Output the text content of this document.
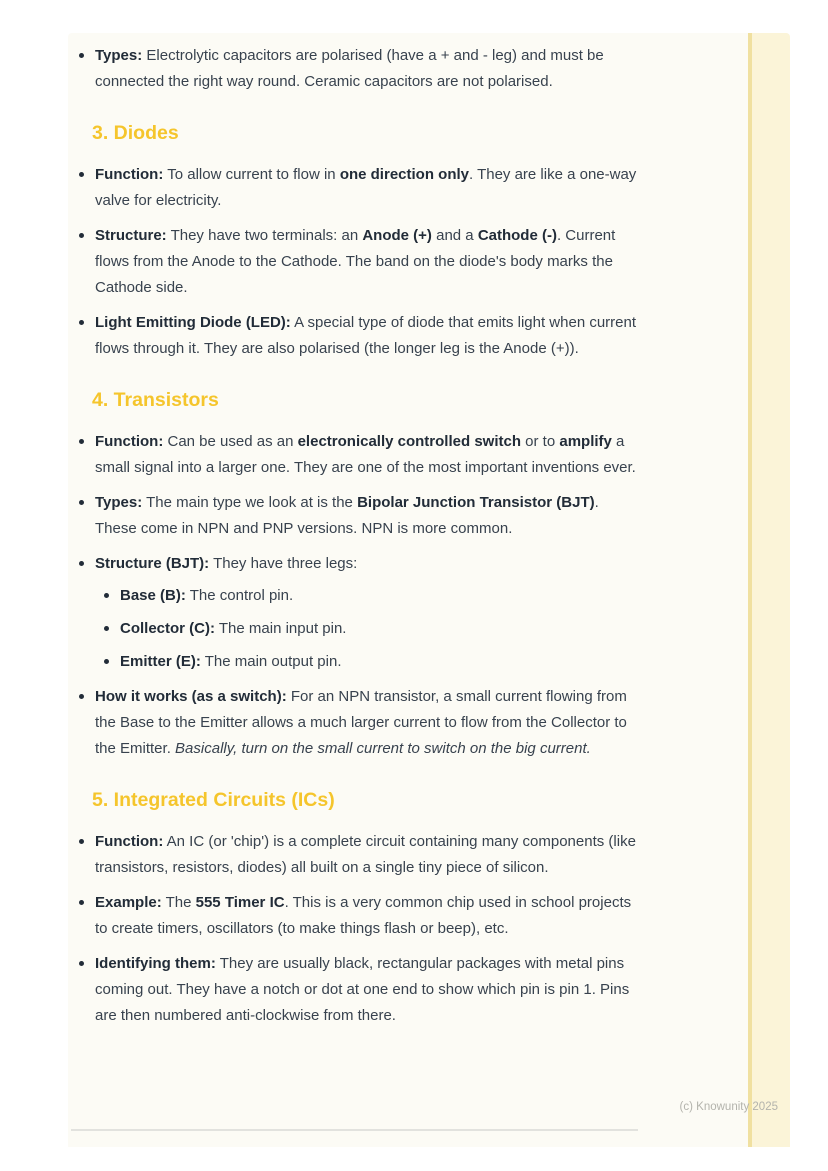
Types: Electrolytic capacitors are polarised (have a + and - leg) and must be connected the right way round. Ceramic capacitors are not polarised.
3. Diodes
Function: To allow current to flow in one direction only. They are like a one-way valve for electricity.
Structure: They have two terminals: an Anode (+) and a Cathode (-). Current flows from the Anode to the Cathode. The band on the diode's body marks the Cathode side.
Light Emitting Diode (LED): A special type of diode that emits light when current flows through it. They are also polarised (the longer leg is the Anode (+)).
4. Transistors
Function: Can be used as an electronically controlled switch or to amplify a small signal into a larger one. They are one of the most important inventions ever.
Types: The main type we look at is the Bipolar Junction Transistor (BJT). These come in NPN and PNP versions. NPN is more common.
Structure (BJT): They have three legs:
Base (B): The control pin.
Collector (C): The main input pin.
Emitter (E): The main output pin.
How it works (as a switch): For an NPN transistor, a small current flowing from the Base to the Emitter allows a much larger current to flow from the Collector to the Emitter. Basically, turn on the small current to switch on the big current.
5. Integrated Circuits (ICs)
Function: An IC (or 'chip') is a complete circuit containing many components (like transistors, resistors, diodes) all built on a single tiny piece of silicon.
Example: The 555 Timer IC. This is a very common chip used in school projects to create timers, oscillators (to make things flash or beep), etc.
Identifying them: They are usually black, rectangular packages with metal pins coming out. They have a notch or dot at one end to show which pin is pin 1. Pins are then numbered anti-clockwise from there.
(c) Knowunity 2025
